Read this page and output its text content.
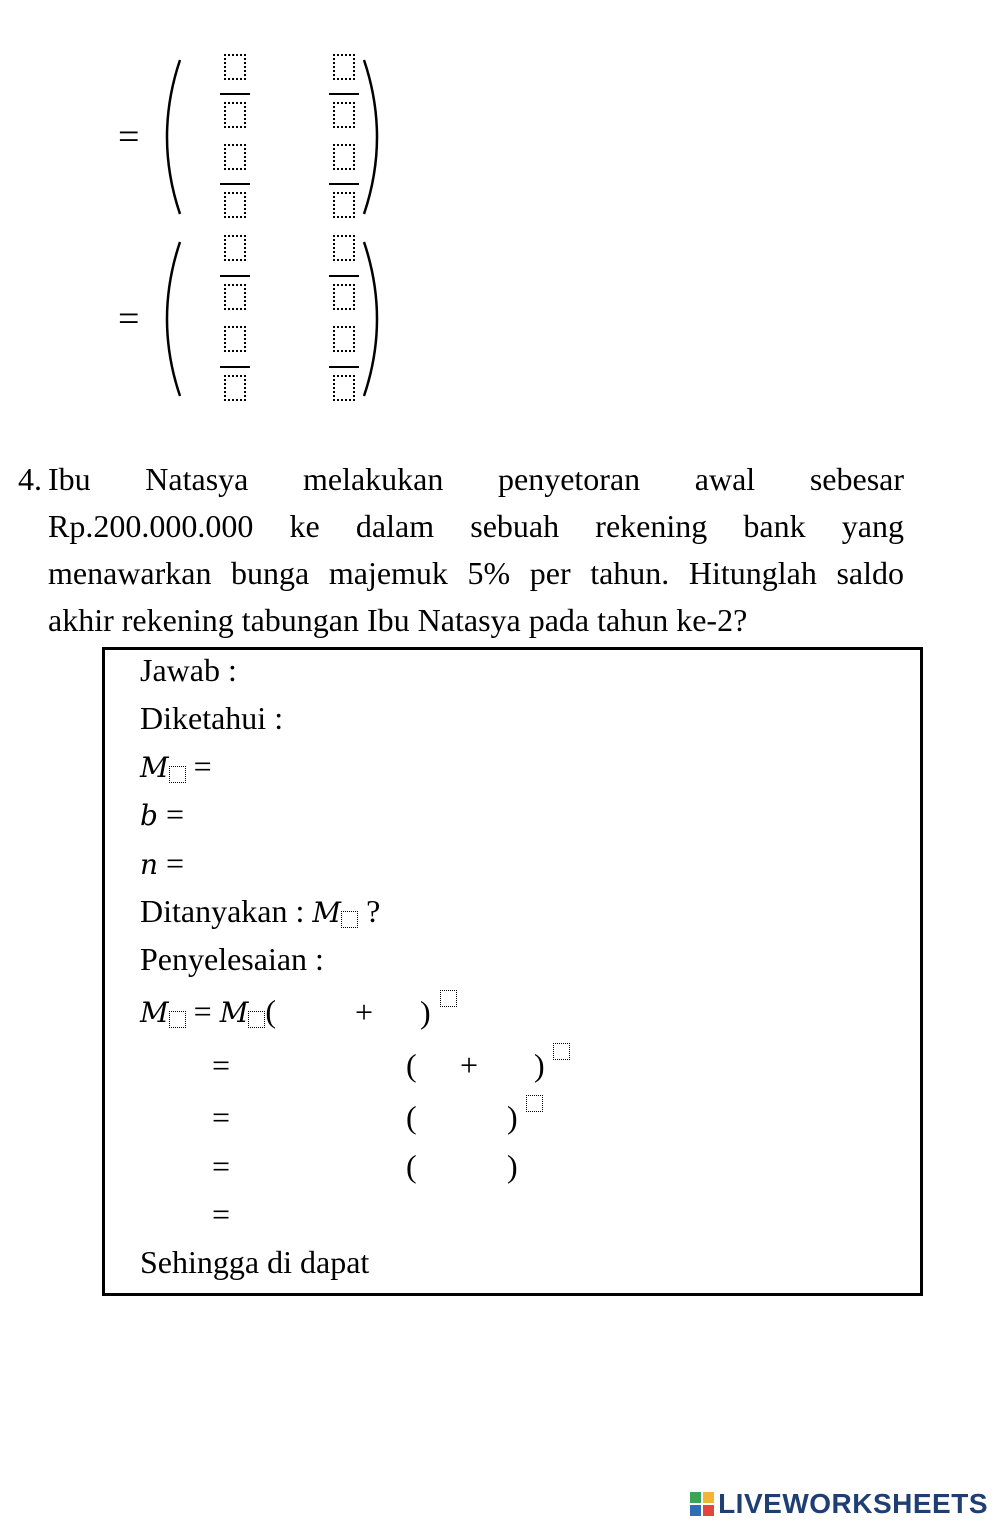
=
=
4. Ibu Natasya melakukan penyetoran awal sebesar
Rp.200.000.000 ke dalam sebuah rekening bank yang
menawarkan bunga majemuk 5% per tahun. Hitunglah saldo
akhir rekening tabungan Ibu Natasya pada tahun ke-2?
Jawab :
Diketahui :
M =
b =
n =
Ditanyakan : M ?
Penyelesaian :
M = M ( + )
=	( + )
=	(	)
=	(	)
=
Sehingga di dapat
LIVEWORKSHEETS
